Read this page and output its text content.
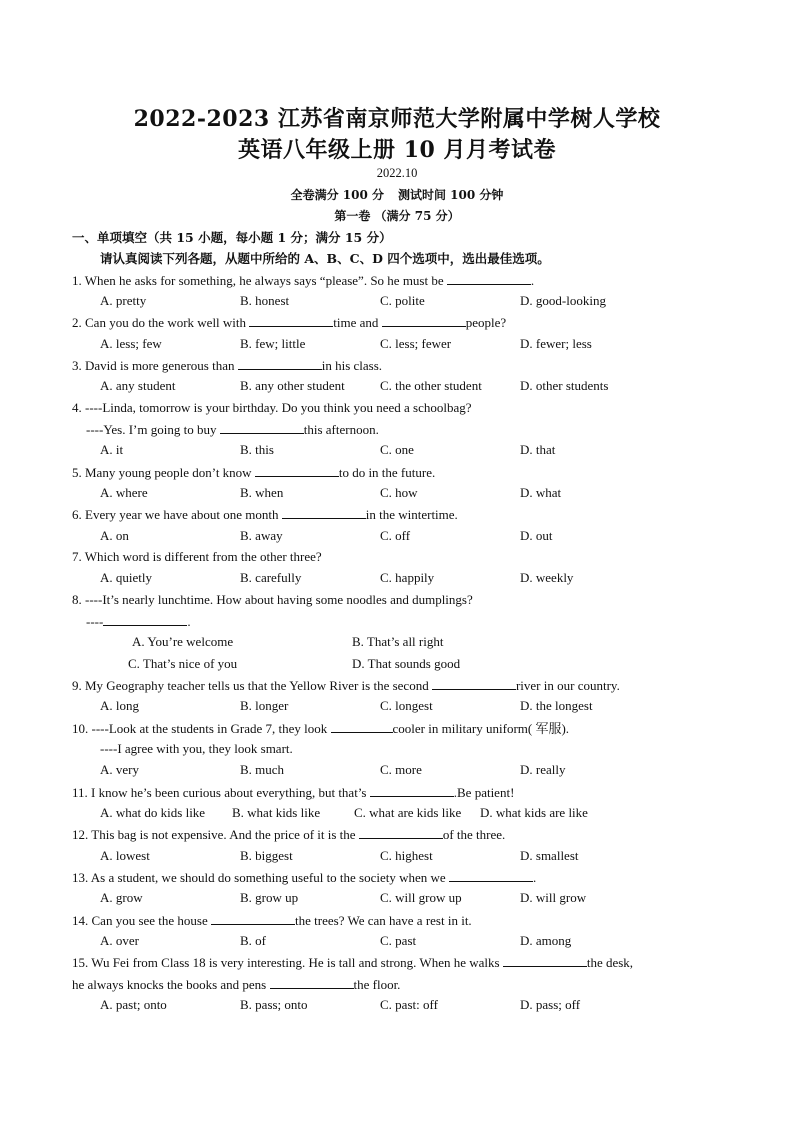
2022-2023 江苏省南京师范大学附属中学树人学校
英语八年级上册 10 月月考试卷
2022.10
全卷满分 100 分 测试时间 100 分钟
第一卷 （满分 75 分）
一、单项填空（共 15 小题，每小题 1 分；满分 15 分）
请认真阅读下列各题，从题中所给的 A、B、C、D 四个选项中，选出最佳选项。
1. When he asks for something, he always says “please”. So he must be	.
A. pretty	B. honest	C. polite	D. good-looking
2. Can you do the work well with	time and	people?
A. less; few	B. few; little	C. less; fewer	D. fewer; less
3. David is more generous than	in his class.
A. any student	B. any other student	C. the other student	D. other students
4. ----Linda, tomorrow is your birthday. Do you think you need a schoolbag?
----Yes. I’m going to buy	this afternoon.
A. it	B. this	C. one	D. that
5. Many young people don’t know	to do in the future.
A. where	B. when	C. how	D. what
6. Every year we have about one month	in the wintertime.
A. on	B. away	C. off	D. out
7. Which word is different from the other three?
A. quietly	B. carefully	C. happily	D. weekly
8. ----It’s nearly lunchtime. How about having some noodles and dumplings?
----	.
A. You’re welcome	B. That’s all right
C. That’s nice of you	D. That sounds good
9. My Geography teacher tells us that the Yellow River is the second	river in our country.
A. long	B. longer	C. longest	D. the longest
10. ----Look at the students in Grade 7, they look	cooler in military uniform( 军服).
----I agree with you, they look smart.
A. very	B. much	C. more	D. really
11. I know he’s been curious about everything, but that’s	.Be patient!
A. what do kids like B. what kids like	C. what are kids like D. what kids are like
12. This bag is not expensive. And the price of it is the	of the three.
A. lowest	B. biggest	C. highest	D. smallest
13. As a student, we should do something useful to the society when we	.
A. grow	B. grow up	C. will grow up	D. will grow
14. Can you see the house	the trees? We can have a rest in it.
A. over	B. of	C. past	D. among
15. Wu Fei from Class 18 is very interesting. He is tall and strong. When he walks	the desk,
he always knocks the books and pens	the floor.
A. past; onto	B. pass; onto	C. past: off	D. pass; off
